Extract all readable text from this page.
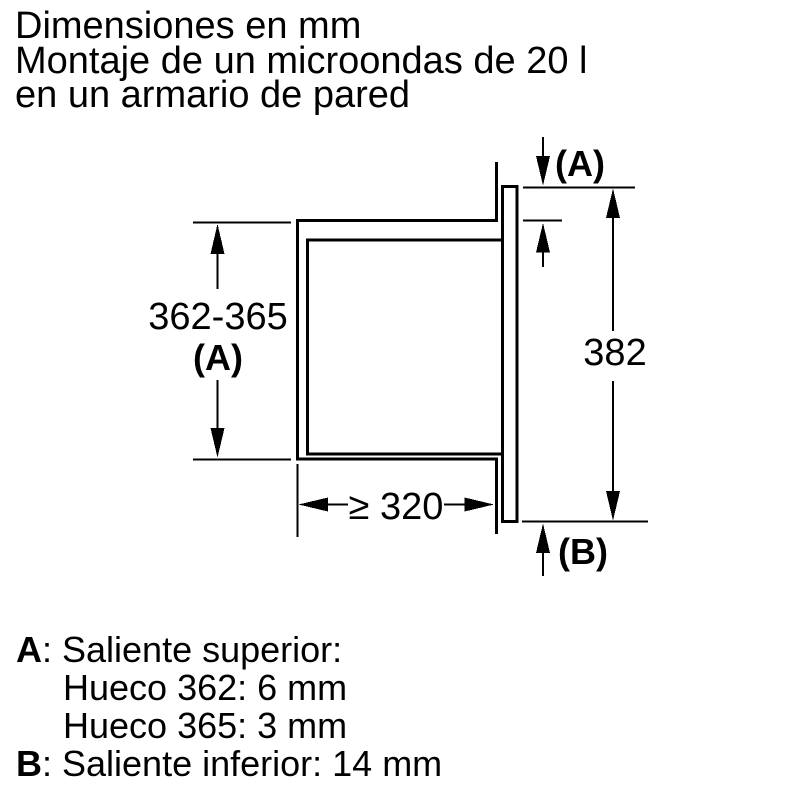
Dimensiones en mm
Montaje de un microondas de 20 l
en un armario de pared
362-365
(A)
(A)
382
≥ 320
(B)
A: Saliente superior:
Hueco 362: 6 mm
Hueco 365: 3 mm
B: Saliente inferior: 14 mm
